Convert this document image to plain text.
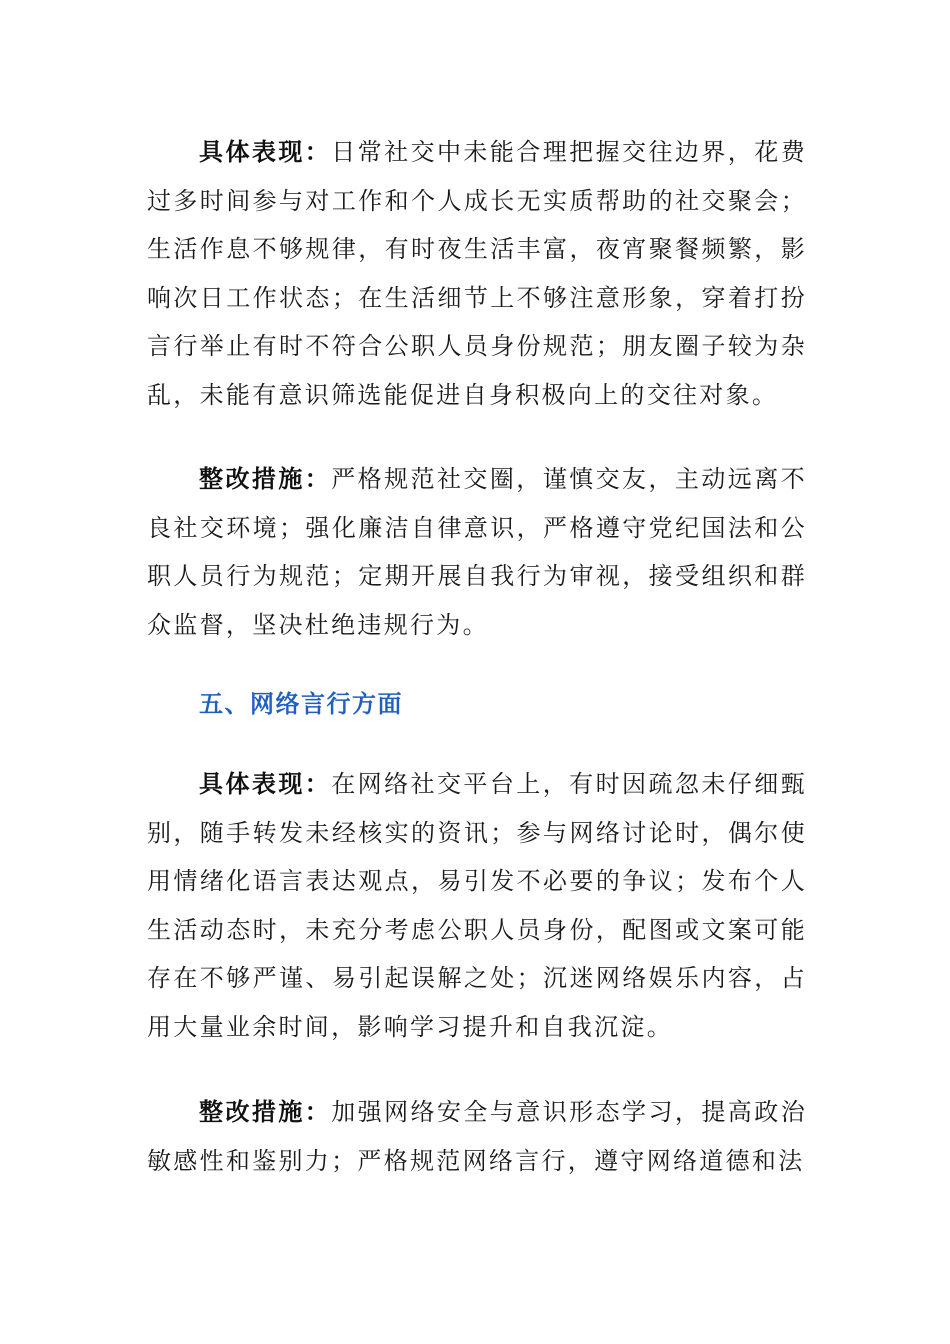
具体表现：日常社交中未能合理把握交往边界，花费过多时间参与对工作和个人成长无实质帮助的社交聚会；生活作息不够规律，有时夜生活丰富，夜宵聚餐频繁，影响次日工作状态；在生活细节上不够注意形象，穿着打扮言行举止有时不符合公职人员身份规范；朋友圈子较为杂乱，未能有意识筛选能促进自身积极向上的交往对象。

整改措施：严格规范社交圈，谨慎交友，主动远离不良社交环境；强化廉洁自律意识，严格遵守党纪国法和公职人员行为规范；定期开展自我行为审视，接受组织和群众监督，坚决杜绝违规行为。

五、网络言行方面

具体表现：在网络社交平台上，有时因疏忽未仔细甄别，随手转发未经核实的资讯；参与网络讨论时，偶尔使用情绪化语言表达观点，易引发不必要的争议；发布个人生活动态时，未充分考虑公职人员身份，配图或文案可能存在不够严谨、易引起误解之处；沉迷网络娱乐内容，占用大量业余时间，影响学习提升和自我沉淀。

整改措施：加强网络安全与意识形态学习，提高政治敏感性和鉴别力；严格规范网络言行，遵守网络道德和法
